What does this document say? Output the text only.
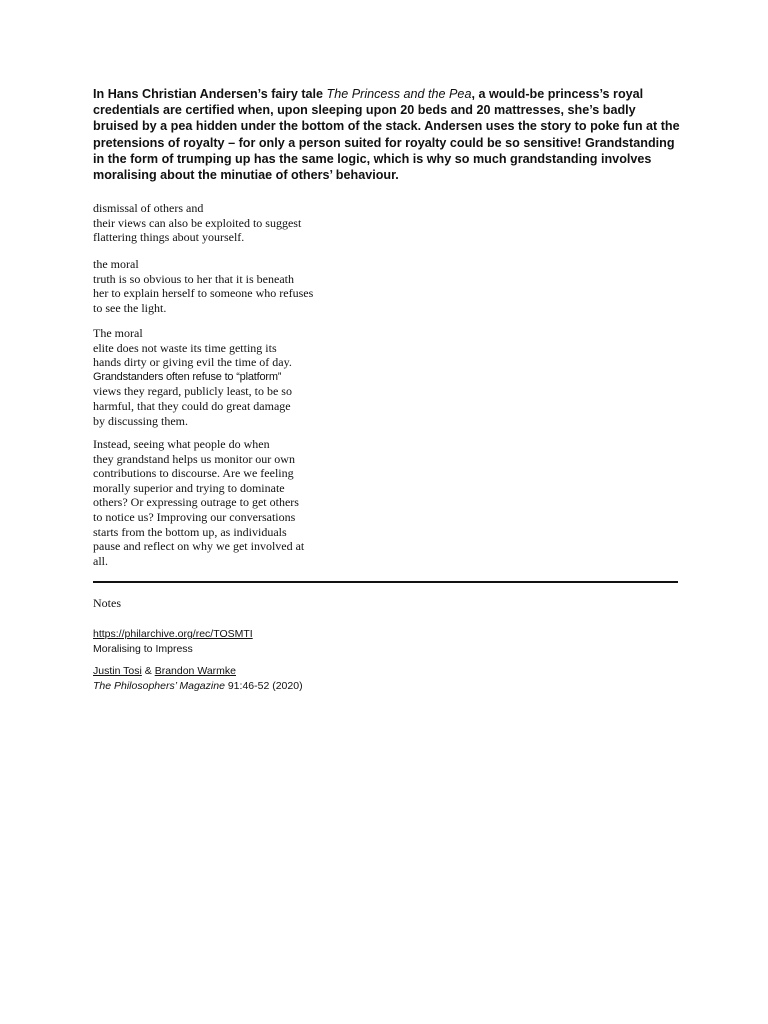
In Hans Christian Andersen’s fairy tale The Princess and the Pea, a would-be princess’s royal credentials are certified when, upon sleeping upon 20 beds and 20 mattresses, she’s badly bruised by a pea hidden under the bottom of the stack. Andersen uses the story to poke fun at the pretensions of royalty – for only a person suited for royalty could be so sensitive! Grandstanding in the form of trumping up has the same logic, which is why so much grandstanding involves moralising about the minutiae of others’ behaviour.

dismissal of others and
their views can also be exploited to suggest
flattering things about yourself.
the moral
truth is so obvious to her that it is beneath
her to explain herself to someone who refuses
to see the light.
The moral
elite does not waste its time getting its
hands dirty or giving evil the time of day.
Grandstanders often refuse to “platform”
views they regard, publicly least, to be so
harmful, that they could do great damage
by discussing them.
Instead, seeing what people do when
they grandstand helps us monitor our own
contributions to discourse. Are we feeling
morally superior and trying to dominate
others? Or expressing outrage to get others
to notice us? Improving our conversations
starts from the bottom up, as individuals
pause and reflect on why we get involved at
all.
Notes
https://philarchive.org/rec/TOSMTI
Moralising to Impress
Justin Tosi & Brandon Warmke
The Philosophers’ Magazine 91:46-52 (2020)
